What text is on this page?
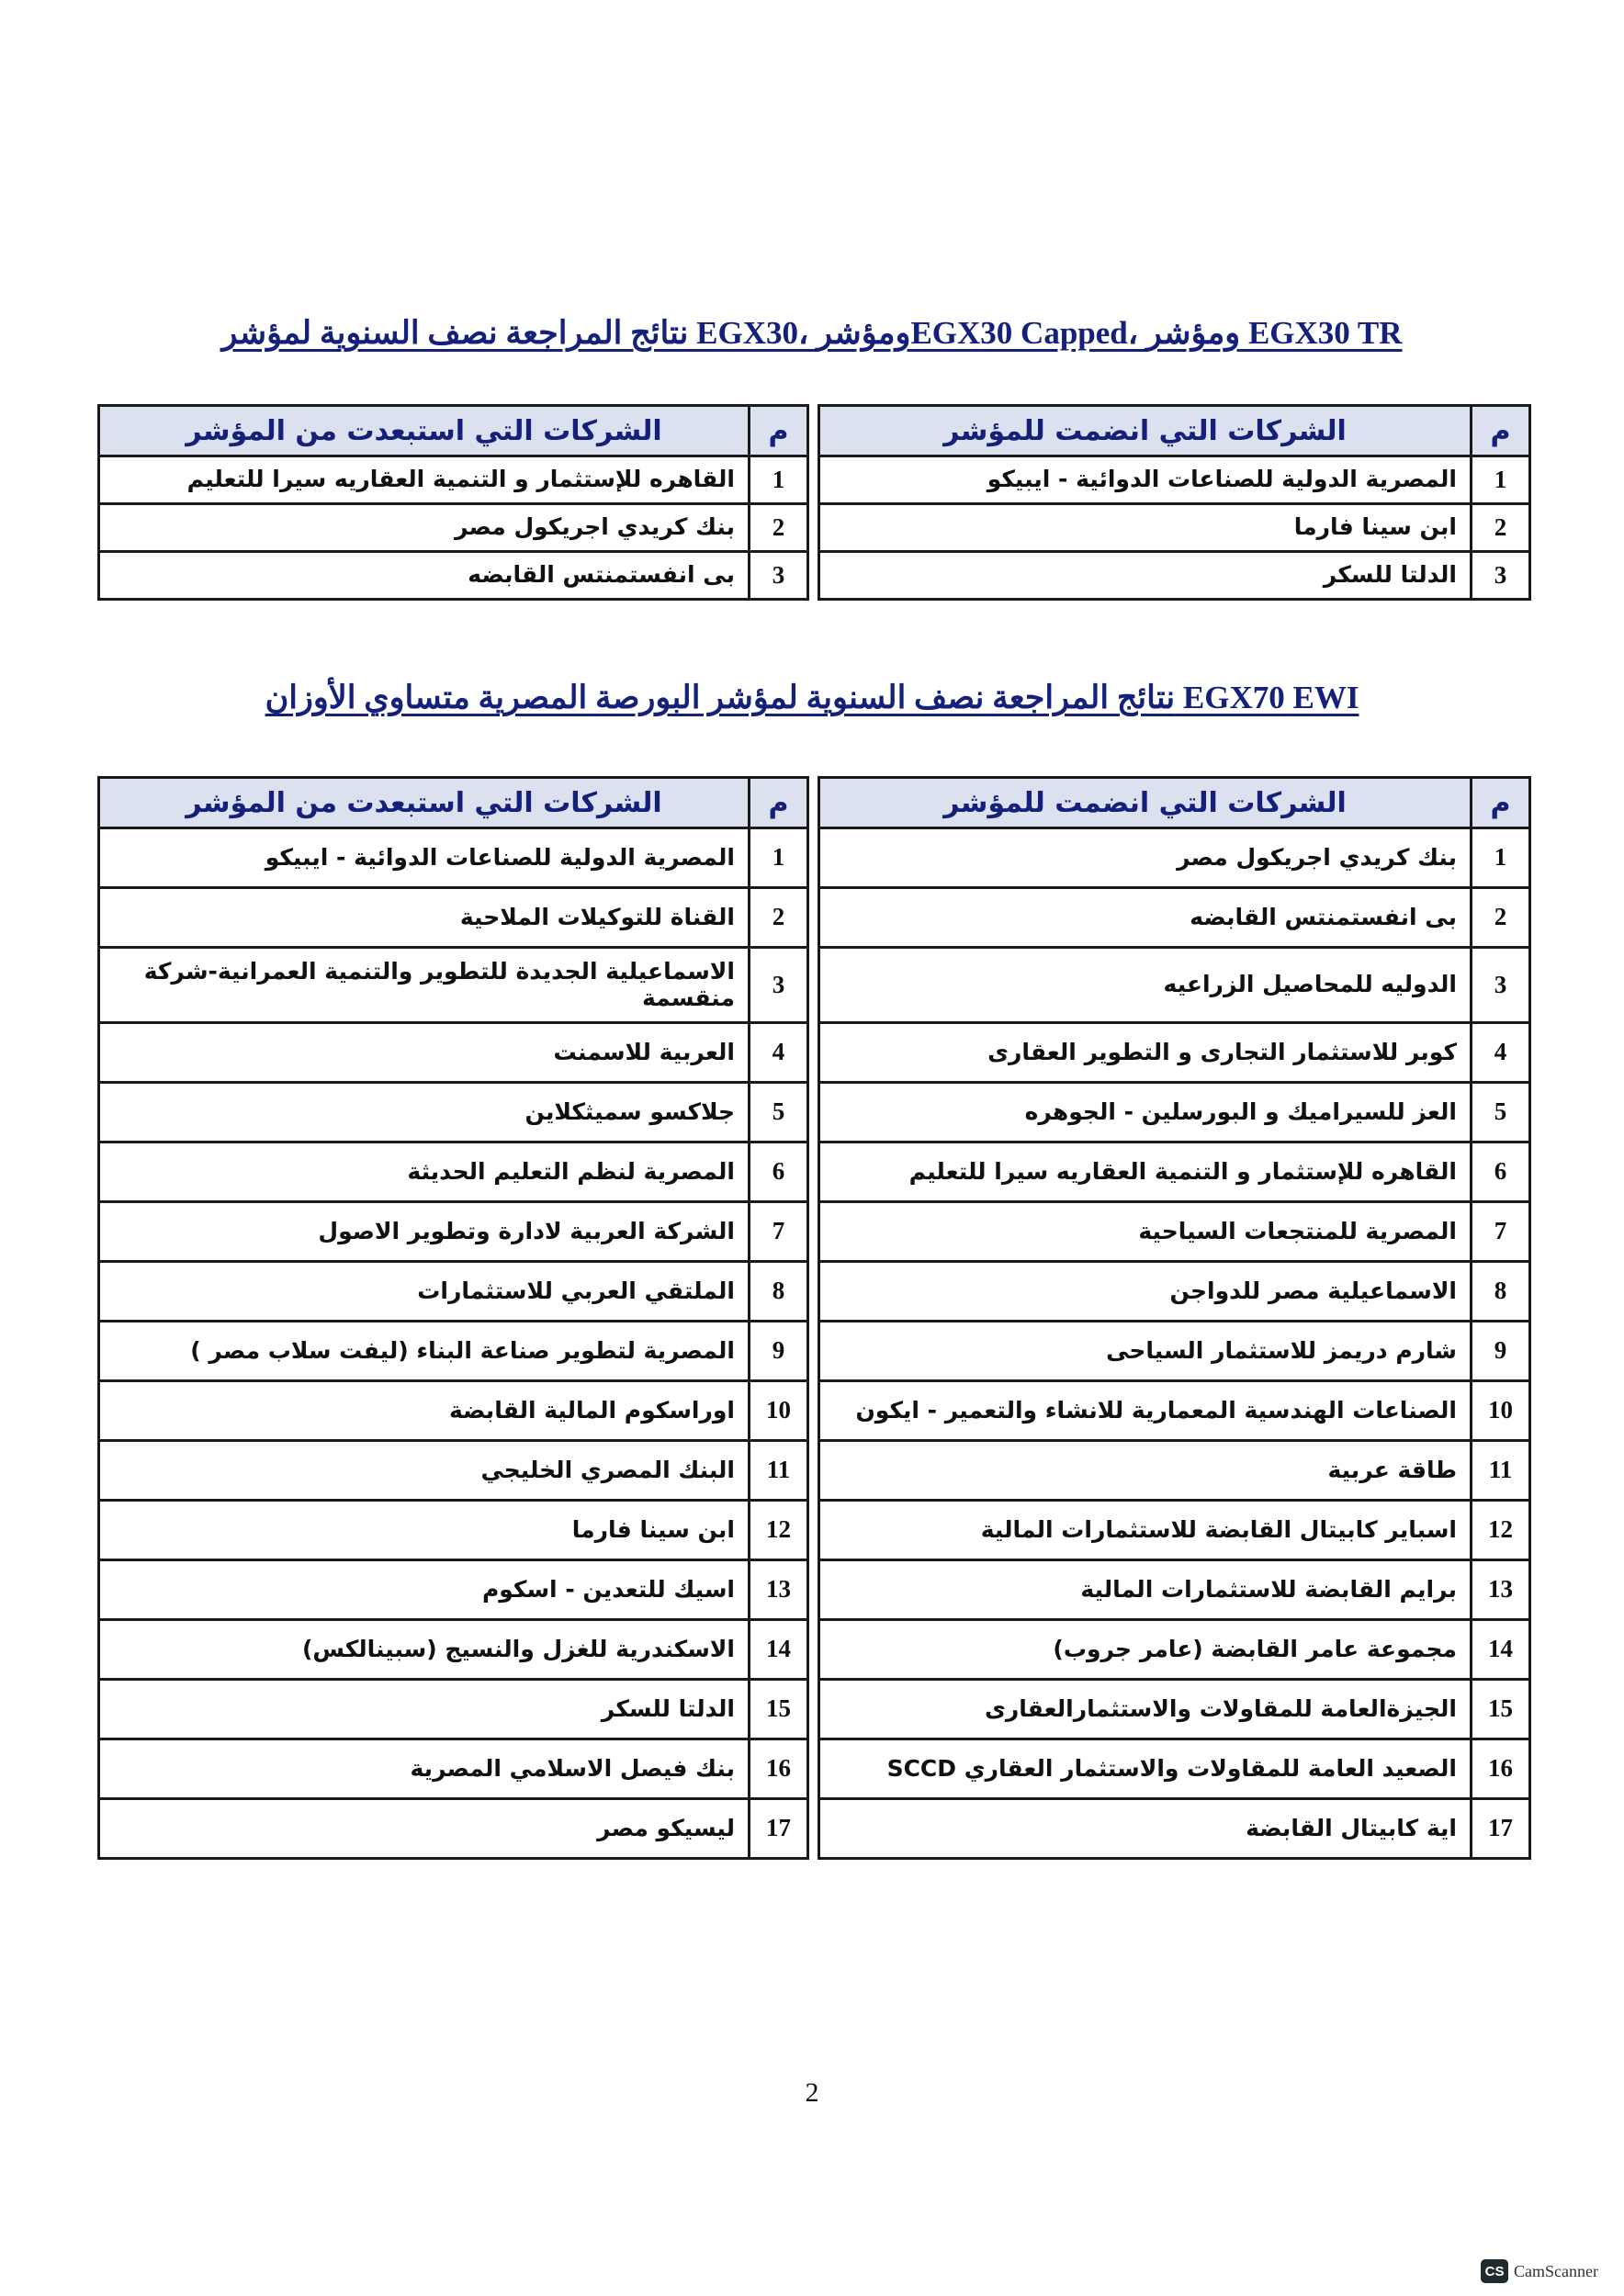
نتائج المراجعة نصف السنوية لمؤشر EGX30، ومؤشرEGX30 Capped، ومؤشر EGX30 TR
م	الشركات التي انضمت للمؤشر		م	الشركات التي استبعدت من المؤشر
1	المصرية الدولية للصناعات الدوائية - ايبيكو		1	القاهره للإستثمار و التنمية العقاريه سيرا للتعليم
2	ابن سينا فارما		2	بنك كريدي اجريكول مصر
3	الدلتا للسكر		3	بى انفستمنتس القابضه
نتائج المراجعة نصف السنوية لمؤشر البورصة المصرية متساوي الأوزان EGX70 EWI
م	الشركات التي انضمت للمؤشر		م	الشركات التي استبعدت من المؤشر
1	بنك كريدي اجريكول مصر		1	المصرية الدولية للصناعات الدوائية - ايبيكو
2	بى انفستمنتس القابضه		2	القناة للتوكيلات الملاحية
3	الدوليه للمحاصيل الزراعيه		3	الاسماعيلية الجديدة للتطوير والتنمية العمرانية-شركة منقسمة
4	كوبر للاستثمار التجارى و التطوير العقارى		4	العربية للاسمنت
5	العز للسيراميك و البورسلين - الجوهره		5	جلاكسو سميثكلاين
6	القاهره للإستثمار و التنمية العقاريه سيرا للتعليم		6	المصرية لنظم التعليم الحديثة
7	المصرية للمنتجعات السياحية		7	الشركة العربية لادارة وتطوير الاصول
8	الاسماعيلية مصر للدواجن		8	الملتقي العربي للاستثمارات
9	شارم دريمز للاستثمار السياحى		9	المصرية لتطوير صناعة البناء (ليفت سلاب مصر )
10	الصناعات الهندسية المعمارية للانشاء والتعمير - ايكون		10	اوراسكوم المالية القابضة
11	طاقة عربية		11	البنك المصري الخليجي
12	اسباير كابيتال القابضة للاستثمارات المالية		12	ابن سينا فارما
13	برايم القابضة للاستثمارات المالية		13	اسيك للتعدين - اسكوم
14	مجموعة عامر القابضة (عامر جروب)		14	الاسكندرية للغزل والنسيج (سبينالكس)
15	الجيزةالعامة للمقاولات والاستثمارالعقارى		15	الدلتا للسكر
16	الصعيد العامة للمقاولات والاستثمار العقاري SCCD		16	بنك فيصل الاسلامي المصرية
17	اية كابيتال القابضة		17	ليسيكو مصر
2
CS CamScanner
